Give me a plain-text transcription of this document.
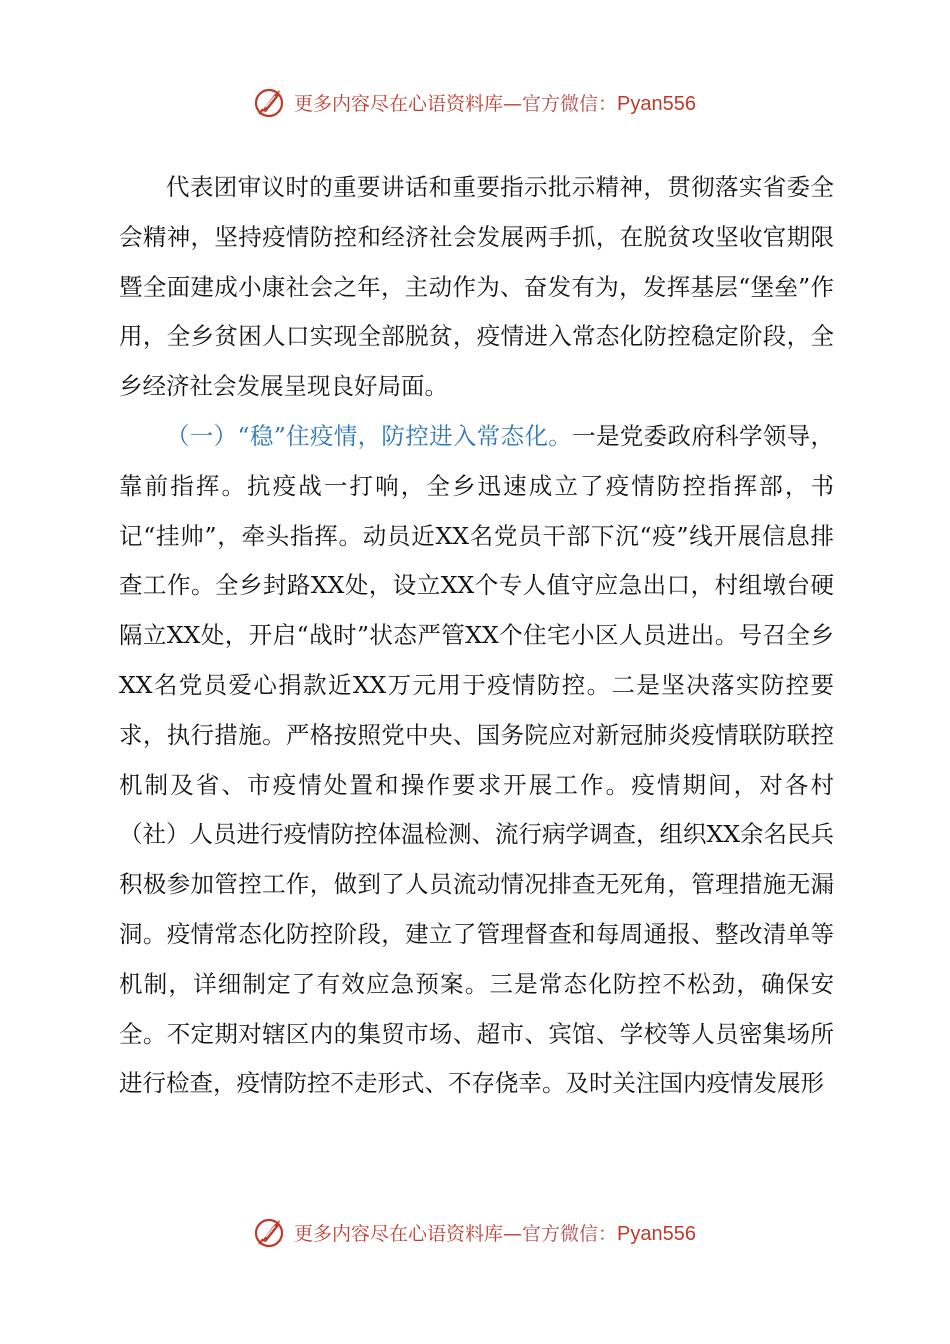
更多内容尽在心语资料库—官方微信：Pyan556

代表团审议时的重要讲话和重要指示批示精神，贯彻落实省委全会精神，坚持疫情防控和经济社会发展两手抓，在脱贫攻坚收官期限暨全面建成小康社会之年，主动作为、奋发有为，发挥基层“堡垒”作用，全乡贫困人口实现全部脱贫，疫情进入常态化防控稳定阶段，全乡经济社会发展呈现良好局面。

（一）“稳”住疫情，防控进入常态化。一是党委政府科学领导，靠前指挥。抗疫战一打响，全乡迅速成立了疫情防控指挥部，书记“挂帅”，牵头指挥。动员近XX名党员干部下沉“疫”线开展信息排查工作。全乡封路XX处，设立XX个专人值守应急出口，村组墩台硬隔立XX处，开启“战时”状态严管XX个住宅小区人员进出。号召全乡XX名党员爱心捐款近XX万元用于疫情防控。二是坚决落实防控要求，执行措施。严格按照党中央、国务院应对新冠肺炎疫情联防联控机制及省、市疫情处置和操作要求开展工作。疫情期间，对各村（社）人员进行疫情防控体温检测、流行病学调查，组织XX余名民兵积极参加管控工作，做到了人员流动情况排查无死角，管理措施无漏洞。疫情常态化防控阶段，建立了管理督查和每周通报、整改清单等机制，详细制定了有效应急预案。三是常态化防控不松劲，确保安全。不定期对辖区内的集贸市场、超市、宾馆、学校等人员密集场所进行检查，疫情防控不走形式、不存侥幸。及时关注国内疫情发展形

更多内容尽在心语资料库—官方微信：Pyan556
